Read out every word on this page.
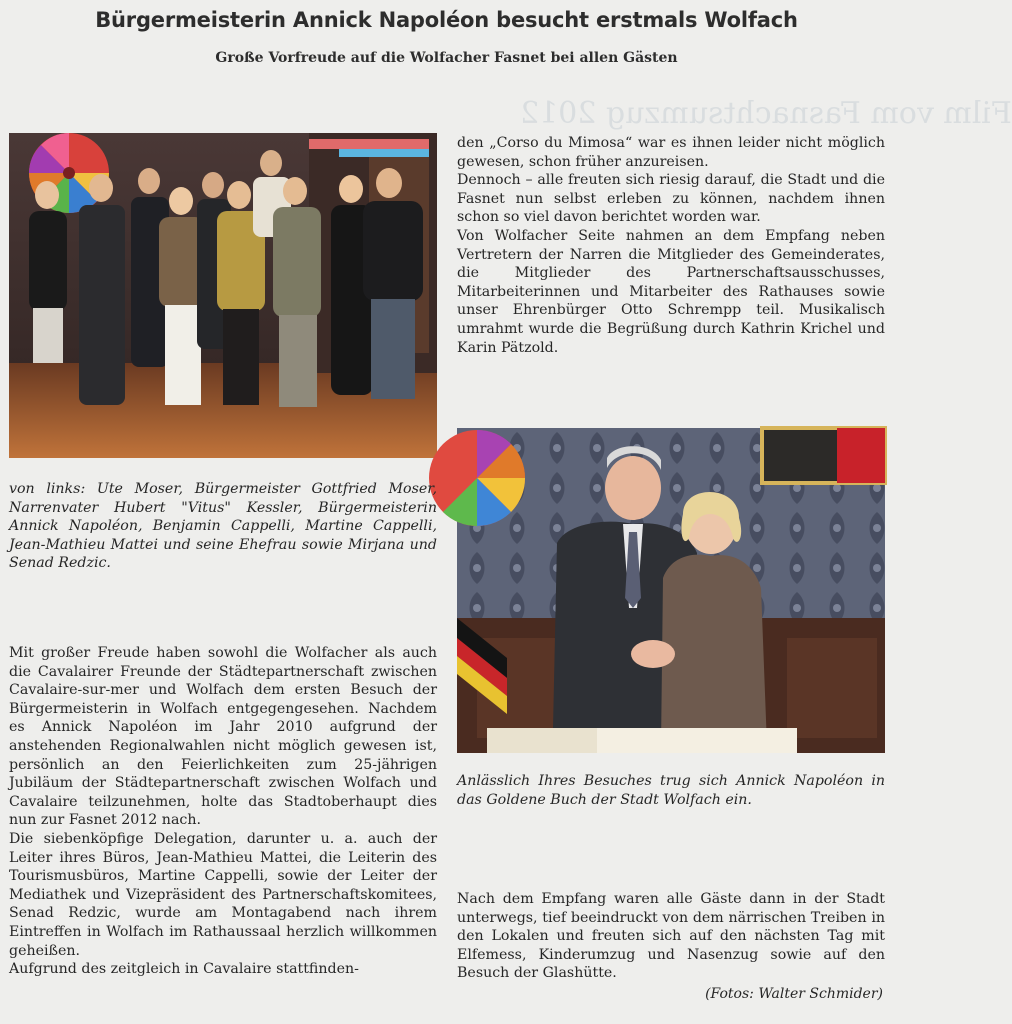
Film vom Fasnachtsumzug 2012
Bürgermeisterin Annick Napoléon besucht erstmals Wolfach
Große Vorfreude auf die Wolfacher Fasnet bei allen Gästen
von links: Ute Moser, Bürgermeister Gottfried Moser, Narrenvater Hubert "Vitus" Kessler, Bürgermeisterin Annick Napoléon, Benjamin Cappelli, Martine Cappelli, Jean-Mathieu Mattei und seine Ehefrau sowie Mirjana und Senad Redzic.

Mit großer Freude haben sowohl die Wolfacher als auch die Cavalairer Freunde der Städtepartnerschaft zwischen Cavalaire-sur-mer und Wolfach dem ersten Besuch der Bürgermeisterin in Wolfach entgegengesehen. Nachdem es Annick Napoléon im Jahr 2010 aufgrund der anstehenden Regionalwahlen nicht möglich gewesen ist, persönlich an den Feierlichkeiten zum 25-jährigen Jubiläum der Städtepartnerschaft zwischen Wolfach und Cavalaire teilzunehmen, holte das Stadtoberhaupt dies nun zur Fasnet 2012 nach.

Die siebenköpfige Delegation, darunter u. a. auch der Leiter ihres Büros, Jean-Mathieu Mattei, die Leiterin des Tourismusbüros, Martine Cappelli, sowie der Leiter der Mediathek und Vizepräsident des Partnerschaftskomitees, Senad Redzic, wurde am Montagabend nach ihrem Eintreffen in Wolfach im Rathaussaal herzlich willkommen geheißen.

Aufgrund des zeitgleich in Cavalaire stattfinden-

den „Corso du Mimosa“ war es ihnen leider nicht möglich gewesen, schon früher anzureisen.

Dennoch – alle freuten sich riesig darauf, die Stadt und die Fasnet nun selbst erleben zu können, nachdem ihnen schon so viel davon berichtet worden war.

Von Wolfacher Seite nahmen an dem Empfang neben Vertretern der Narren die Mitglieder des Gemeinderates, die Mitglieder des Partnerschaftsausschusses, Mitarbeiterinnen und Mitarbeiter des Rathauses sowie unser Ehrenbürger Otto Schrempp teil. Musikalisch umrahmt wurde die Begrüßung durch Kathrin Krichel und Karin Pätzold.

Anlässlich Ihres Besuches trug sich Annick Napoléon in das Goldene Buch der Stadt Wolfach ein.
Nach dem Empfang waren alle Gäste dann in der Stadt unterwegs, tief beeindruckt von dem närrischen Treiben in den Lokalen und freuten sich auf den nächsten Tag mit Elfemess, Kinderumzug und Nasenzug sowie auf den Besuch der Glashütte.
(Fotos: Walter Schmider)
